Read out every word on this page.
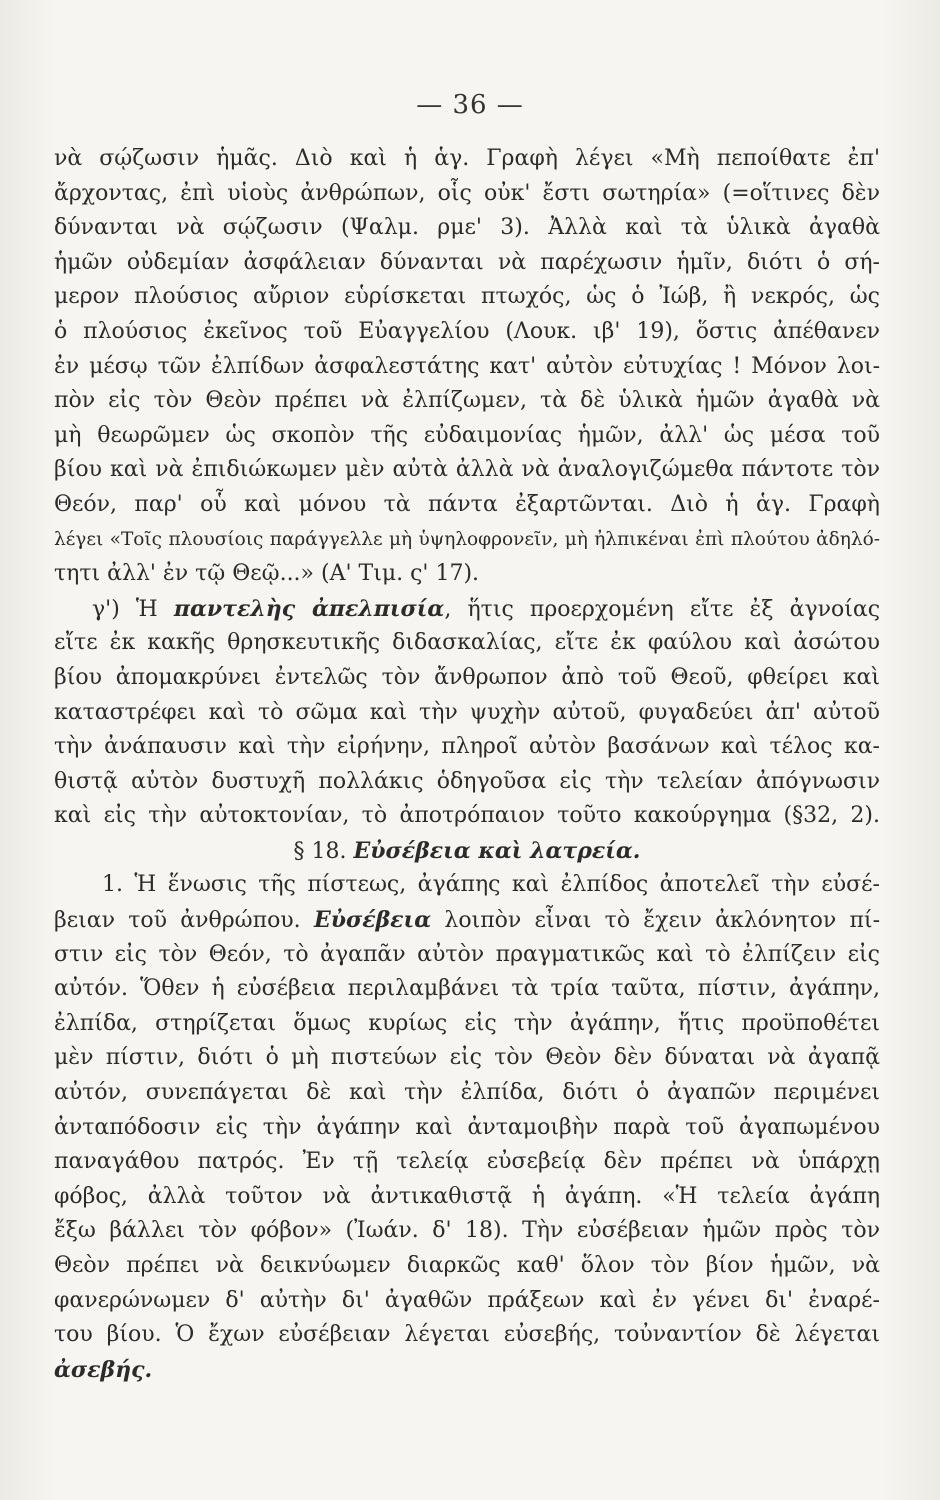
— 36 —
νὰ σῴζωσιν ἡμᾶς. Διὸ καὶ ἡ ἁγ. Γραφὴ λέγει «Μὴ πεποίθατε ἐπ'
ἄρχοντας, ἐπὶ υἱοὺς ἀνθρώπων, οἷς οὐκ' ἔστι σωτηρία» (=οἵτινες δὲν
δύνανται νὰ σῴζωσιν (Ψαλμ. ρμε' 3). Ἀλλὰ καὶ τὰ ὑλικὰ ἀγαθὰ
ἡμῶν οὐδεμίαν ἀσφάλειαν δύνανται νὰ παρέχωσιν ἡμῖν, διότι ὁ σή-
μερον πλούσιος αὔριον εὑρίσκεται πτωχός, ὡς ὁ Ἰώβ, ἢ νεκρός, ὡς
ὁ πλούσιος ἐκεῖνος τοῦ Εὐαγγελίου (Λουκ. ιβ' 19), ὅστις ἀπέθανεν
ἐν μέσῳ τῶν ἐλπίδων ἀσφαλεστάτης κατ' αὐτὸν εὐτυχίας ! Μόνον λοι-
πὸν εἰς τὸν Θεὸν πρέπει νὰ ἐλπίζωμεν, τὰ δὲ ὑλικὰ ἡμῶν ἀγαθὰ νὰ
μὴ θεωρῶμεν ὡς σκοπὸν τῆς εὐδαιμονίας ἡμῶν, ἀλλ' ὡς μέσα τοῦ
βίου καὶ νὰ ἐπιδιώκωμεν μὲν αὐτὰ ἀλλὰ νὰ ἀναλογιζώμεθα πάντοτε τὸν
Θεόν, παρ' οὗ καὶ μόνου τὰ πάντα ἐξαρτῶνται. Διὸ ἡ ἁγ. Γραφὴ
λέγει «Τοῖς πλουσίοις παράγγελλε μὴ ὑψηλοφρονεῖν, μὴ ἠλπικέναι ἐπὶ πλούτου ἀδηλό-
τητι ἀλλ' ἐν τῷ Θεῷ...» (Α' Τιμ. ς' 17).
γ') Ἡ παντελὴς ἀπελπισία, ἥτις προερχομένη εἴτε ἐξ ἀγνοίας
εἴτε ἐκ κακῆς θρησκευτικῆς διδασκαλίας, εἴτε ἐκ φαύλου καὶ ἀσώτου
βίου ἀπομακρύνει ἐντελῶς τὸν ἄνθρωπον ἀπὸ τοῦ Θεοῦ, φθείρει καὶ
καταστρέφει καὶ τὸ σῶμα καὶ τὴν ψυχὴν αὐτοῦ, φυγαδεύει ἀπ' αὐτοῦ
τὴν ἀνάπαυσιν καὶ τὴν εἰρήνην, πληροῖ αὐτὸν βασάνων καὶ τέλος κα-
θιστᾷ αὐτὸν δυστυχῆ πολλάκις ὁδηγοῦσα εἰς τὴν τελείαν ἀπόγνωσιν
καὶ εἰς τὴν αὐτοκτονίαν, τὸ ἀποτρόπαιον τοῦτο κακούργημα (§32, 2).
§ 18. Εὐσέβεια καὶ λατρεία.
1. Ἡ ἕνωσις τῆς πίστεως, ἀγάπης καὶ ἐλπίδος ἀποτελεῖ τὴν εὐσέ-
βειαν τοῦ ἀνθρώπου. Εὐσέβεια λοιπὸν εἶναι τὸ ἔχειν ἀκλόνητον πί-
στιν εἰς τὸν Θεόν, τὸ ἀγαπᾶν αὐτὸν πραγματικῶς καὶ τὸ ἐλπίζειν εἰς
αὐτόν. Ὅθεν ἡ εὐσέβεια περιλαμβάνει τὰ τρία ταῦτα, πίστιν, ἀγάπην,
ἐλπίδα, στηρίζεται ὅμως κυρίως εἰς τὴν ἀγάπην, ἥτις προϋποθέτει
μὲν πίστιν, διότι ὁ μὴ πιστεύων εἰς τὸν Θεὸν δὲν δύναται νὰ ἀγαπᾷ
αὐτόν, συνεπάγεται δὲ καὶ τὴν ἐλπίδα, διότι ὁ ἀγαπῶν περιμένει
ἀνταπόδοσιν εἰς τὴν ἀγάπην καὶ ἀνταμοιβὴν παρὰ τοῦ ἀγαπωμένου
παναγάθου πατρός. Ἐν τῇ τελείᾳ εὐσεβείᾳ δὲν πρέπει νὰ ὑπάρχῃ
φόβος, ἀλλὰ τοῦτον νὰ ἀντικαθιστᾷ ἡ ἀγάπη. «Ἡ τελεία ἀγάπη
ἔξω βάλλει τὸν φόβον» (Ἰωάν. δ' 18). Τὴν εὐσέβειαν ἡμῶν πρὸς τὸν
Θεὸν πρέπει νὰ δεικνύωμεν διαρκῶς καθ' ὅλον τὸν βίον ἡμῶν, νὰ
φανερώνωμεν δ' αὐτὴν δι' ἀγαθῶν πράξεων καὶ ἐν γένει δι' ἐναρέ-
του βίου. Ὁ ἔχων εὐσέβειαν λέγεται εὐσεβής, τοὐναντίον δὲ λέγεται
ἀσεβής.
